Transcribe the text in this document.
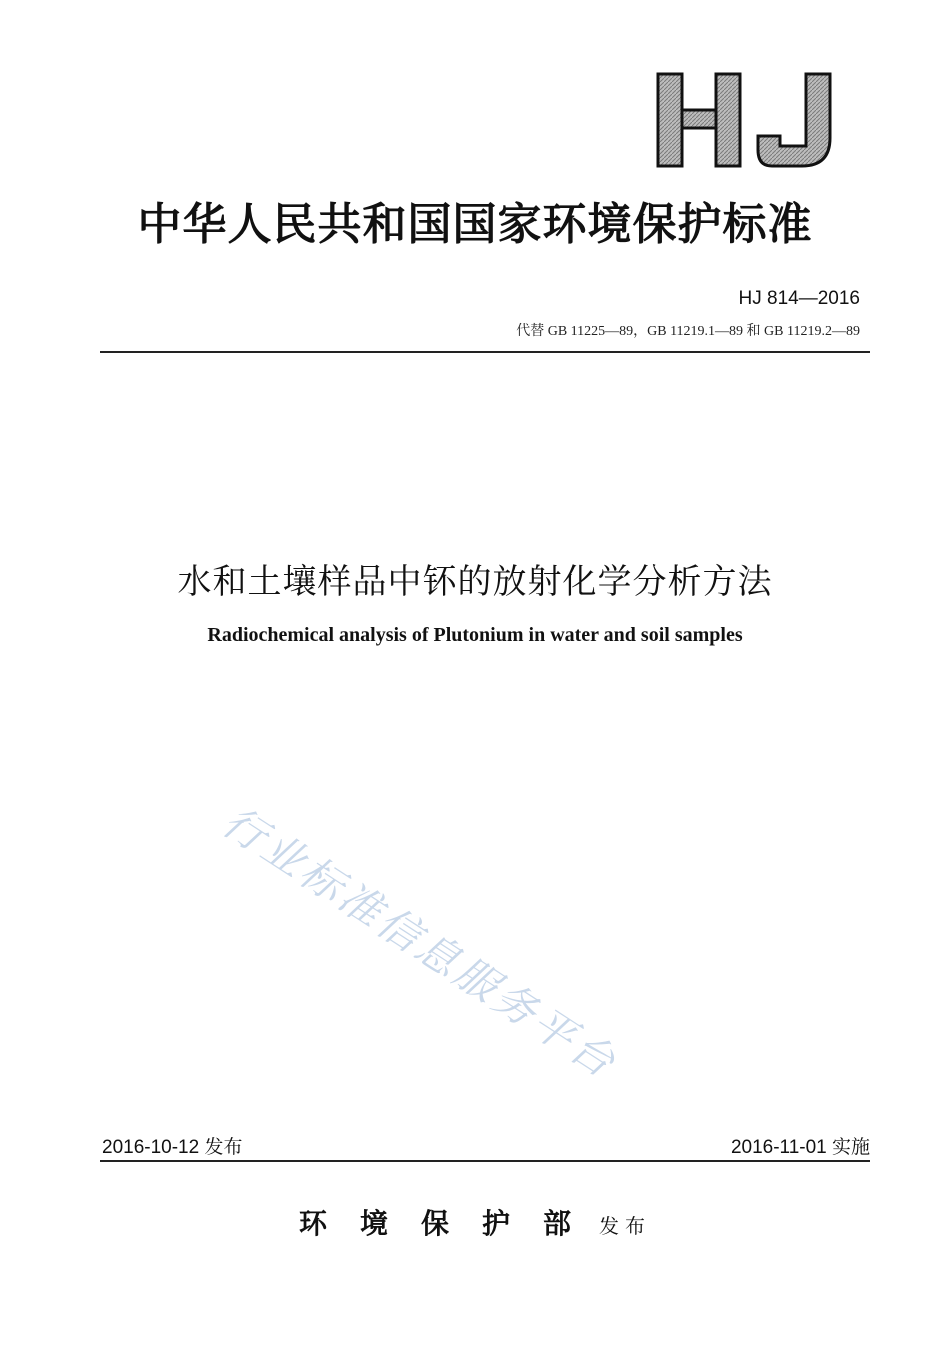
中华人民共和国国家环境保护标准
HJ 814—2016
代替 GB 11225—89，GB 11219.1—89 和 GB 11219.2—89
水和土壤样品中钚的放射化学分析方法
Radiochemical analysis of Plutonium in water and soil samples
行业标准信息服务平台
2016-10-12 发布	2016-11-01 实施
环境保护部 发布
